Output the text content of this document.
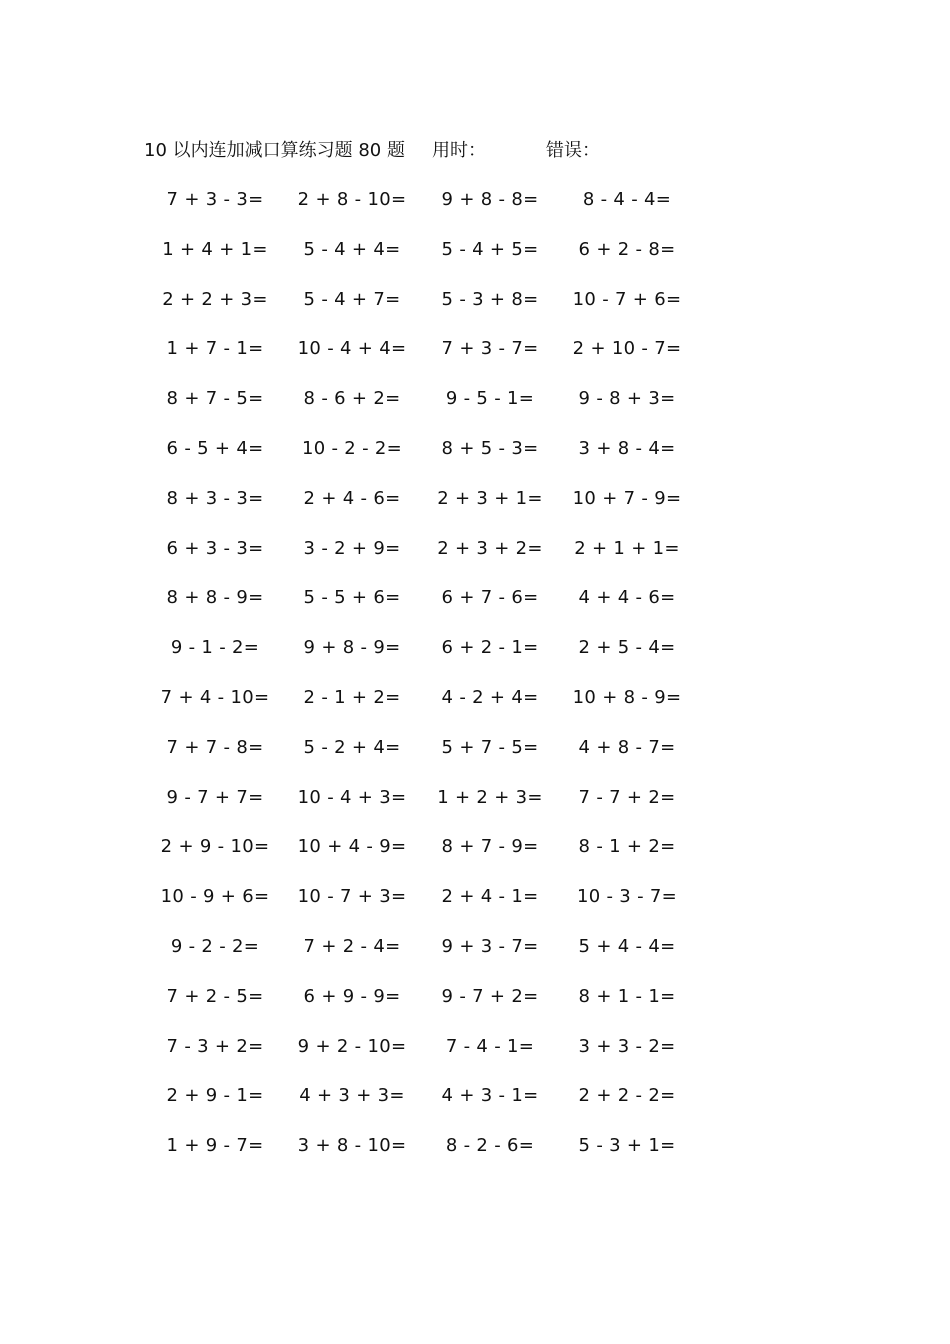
10 以内连加减口算练习题 80 题 用时：	错误：
7 + 3 - 3=	2 + 8 - 10=	9 + 8 - 8=	8 - 4 - 4=
1 + 4 + 1=	5 - 4 + 4=	5 - 4 + 5=	6 + 2 - 8=
2 + 2 + 3=	5 - 4 + 7=	5 - 3 + 8=	10 - 7 + 6=
1 + 7 - 1=	10 - 4 + 4=	7 + 3 - 7=	2 + 10 - 7=
8 + 7 - 5=	8 - 6 + 2=	9 - 5 - 1=	9 - 8 + 3=
6 - 5 + 4=	10 - 2 - 2=	8 + 5 - 3=	3 + 8 - 4=
8 + 3 - 3=	2 + 4 - 6=	2 + 3 + 1=	10 + 7 - 9=
6 + 3 - 3=	3 - 2 + 9=	2 + 3 + 2=	2 + 1 + 1=
8 + 8 - 9=	5 - 5 + 6=	6 + 7 - 6=	4 + 4 - 6=
9 - 1 - 2=	9 + 8 - 9=	6 + 2 - 1=	2 + 5 - 4=
7 + 4 - 10=	2 - 1 + 2=	4 - 2 + 4=	10 + 8 - 9=
7 + 7 - 8=	5 - 2 + 4=	5 + 7 - 5=	4 + 8 - 7=
9 - 7 + 7=	10 - 4 + 3=	1 + 2 + 3=	7 - 7 + 2=
2 + 9 - 10=	10 + 4 - 9=	8 + 7 - 9=	8 - 1 + 2=
10 - 9 + 6=	10 - 7 + 3=	2 + 4 - 1=	10 - 3 - 7=
9 - 2 - 2=	7 + 2 - 4=	9 + 3 - 7=	5 + 4 - 4=
7 + 2 - 5=	6 + 9 - 9=	9 - 7 + 2=	8 + 1 - 1=
7 - 3 + 2=	9 + 2 - 10=	7 - 4 - 1=	3 + 3 - 2=
2 + 9 - 1=	4 + 3 + 3=	4 + 3 - 1=	2 + 2 - 2=
1 + 9 - 7=	3 + 8 - 10=	8 - 2 - 6=	5 - 3 + 1=
